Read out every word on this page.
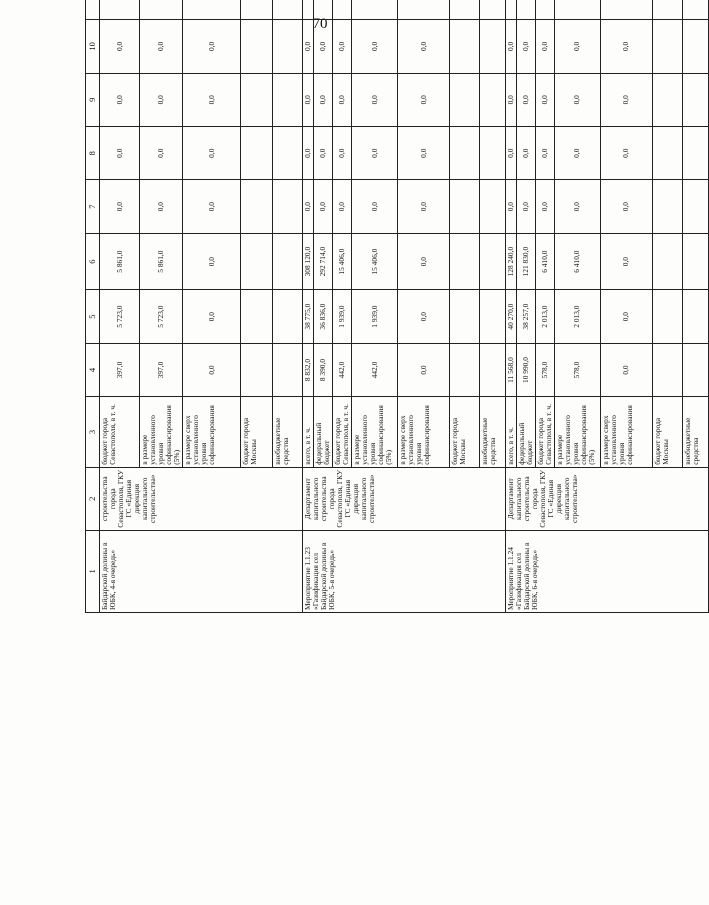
70
1	2	3	4	5	6	7	8	9	10			
Байдарской долины в ЮБК, 4-я очередь»	строительства города Севастополя, ГКУ ГС «Единая дирекция капитального строительства»	бюджет города Севастополя, в т. ч.	397,0	5 723,0	5 861,0	0,0	0,0	0,0	0,0			
		в размере установленного уровня софинансирования (5%)	397,0	5 723,0	5 861,0	0,0	0,0	0,0	0,0			
		в размере сверх установленного уровня софинансирования	0,0	0,0	0,0	0,0	0,0	0,0	0,0			
		бюджет города Москвы										
		внебюджетные средства										
Мероприятие 1.1.23 «Газификация сел Байдарской долины в ЮБК, 5-я очередь»	Департамент капитального строительства города Севастополя, ГКУ ГС «Единая дирекция капитального строительства»	всего, в т. ч.	8 832,0	38 775,0	308 120,0	0,0	0,0	0,0	0,0			
		федеральный бюджет	8 390,0	36 836,0	292 714,0	0,0	0,0	0,0	0,0			
		бюджет города Севастополя, в т. ч.	442,0	1 939,0	15 406,0	0,0	0,0	0,0	0,0			
		в размере установленного уровня софинансирования (5%)	442,0	1 939,0	15 406,0	0,0	0,0	0,0	0,0			
		в размере сверх установленного уровня софинансирования	0,0	0,0	0,0	0,0	0,0	0,0	0,0			
		бюджет города Москвы										
		внебюджетные средства										
Мероприятие 1.1.24 «Газификация сел Байдарской долины в ЮБК, 6-я очередь»	Департамент капитального строительства города Севастополя, ГКУ ГС «Единая дирекция капитального строительства»	всего, в т. ч.	11 568,0	40 270,0	128 240,0	0,0	0,0	0,0	0,0			
		федеральный бюджет	10 990,0	38 257,0	121 830,0	0,0	0,0	0,0	0,0			
		бюджет города Севастополя, в т. ч.	578,0	2 013,0	6 410,0	0,0	0,0	0,0	0,0			
		в размере установленного уровня софинансирования (5%)	578,0	2 013,0	6 410,0	0,0	0,0	0,0	0,0			
		в размере сверх установленного уровня софинансирования	0,0	0,0	0,0	0,0	0,0	0,0	0,0			
		бюджет города Москвы										
		внебюджетные средства										
